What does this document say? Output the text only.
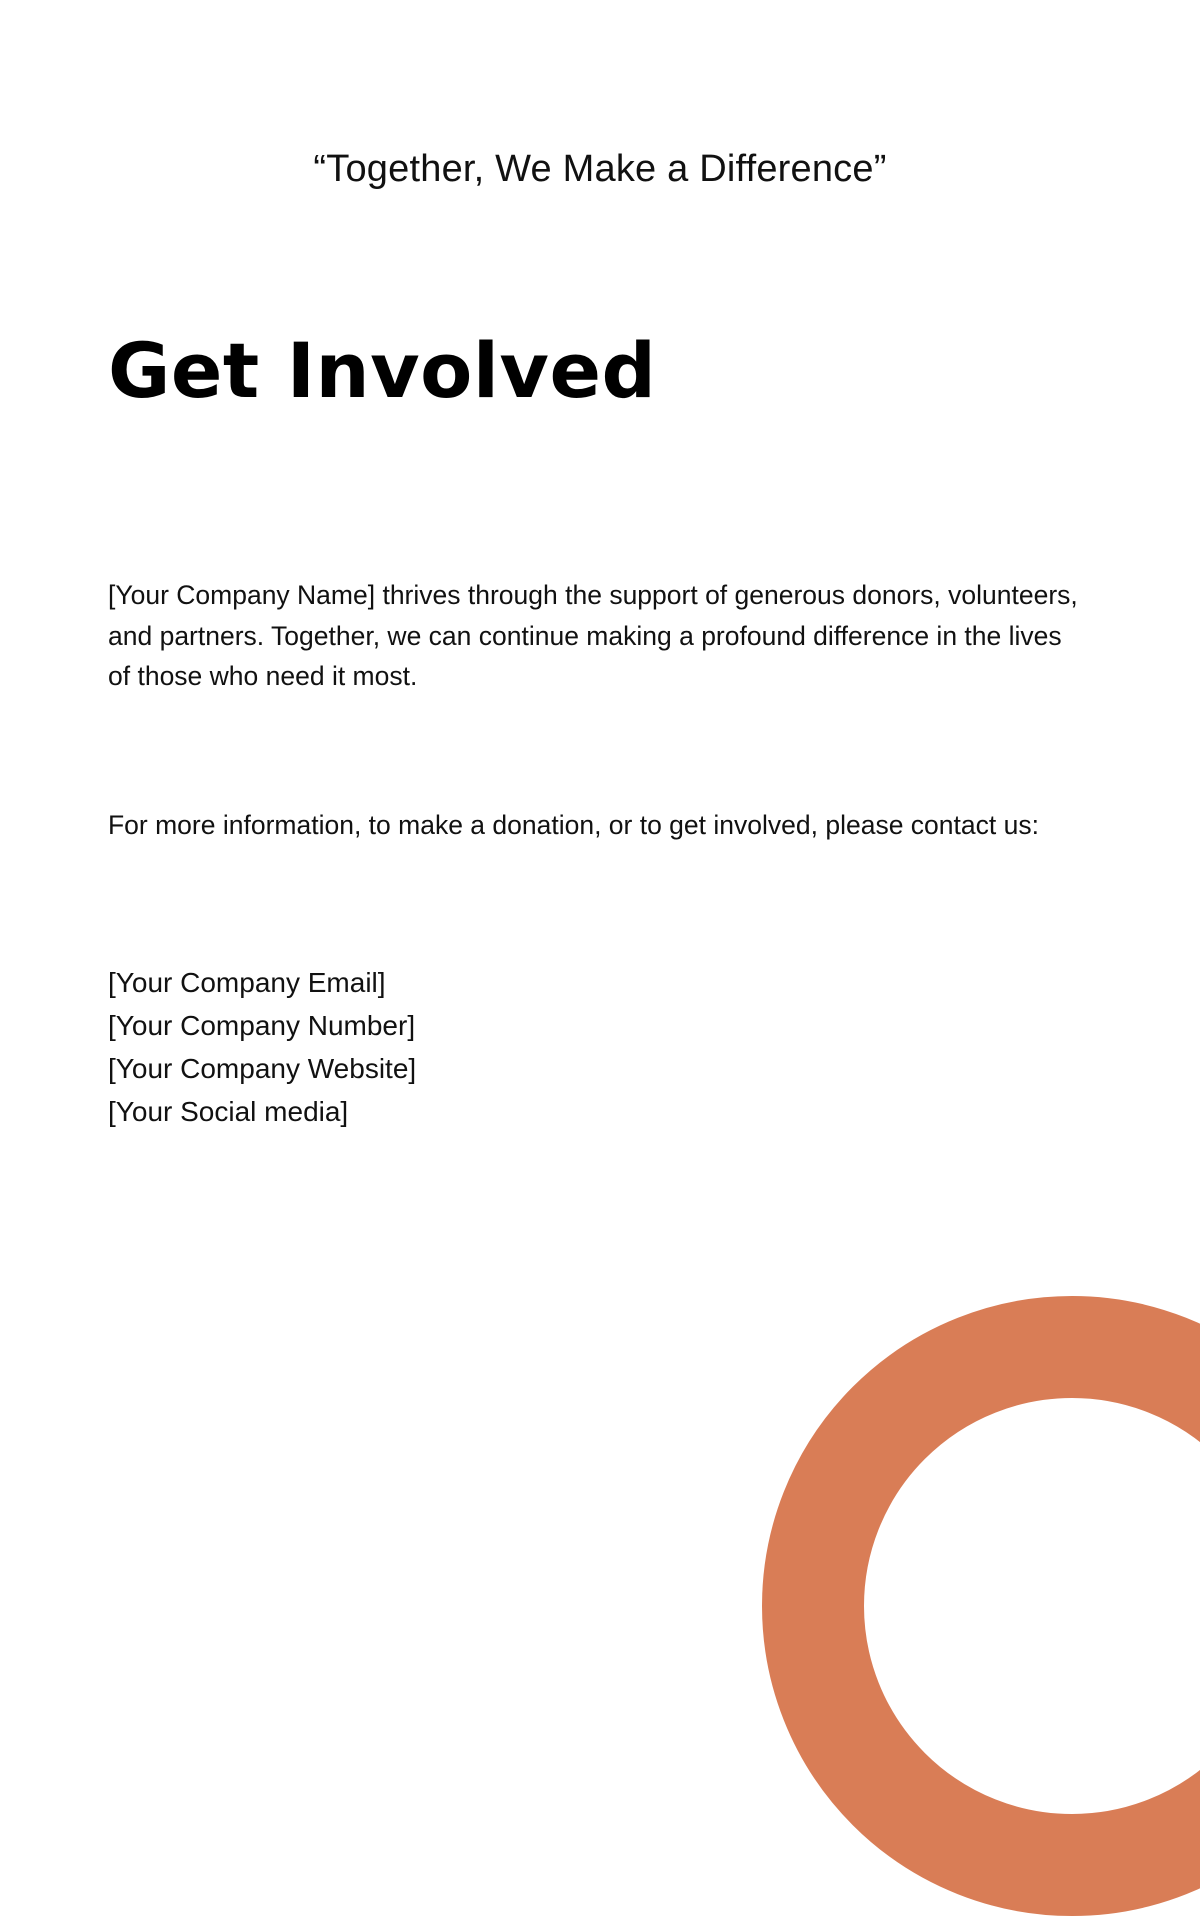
“Together, We Make a Difference”
Get Involved

[Your Company Name] thrives through the support of generous donors, volunteers, and partners. Together, we can continue making a profound difference in the lives of those who need it most.

For more information, to make a donation, or to get involved, please contact us:

[Your Company Email]
[Your Company Number]
[Your Company Website]
[Your Social media]
